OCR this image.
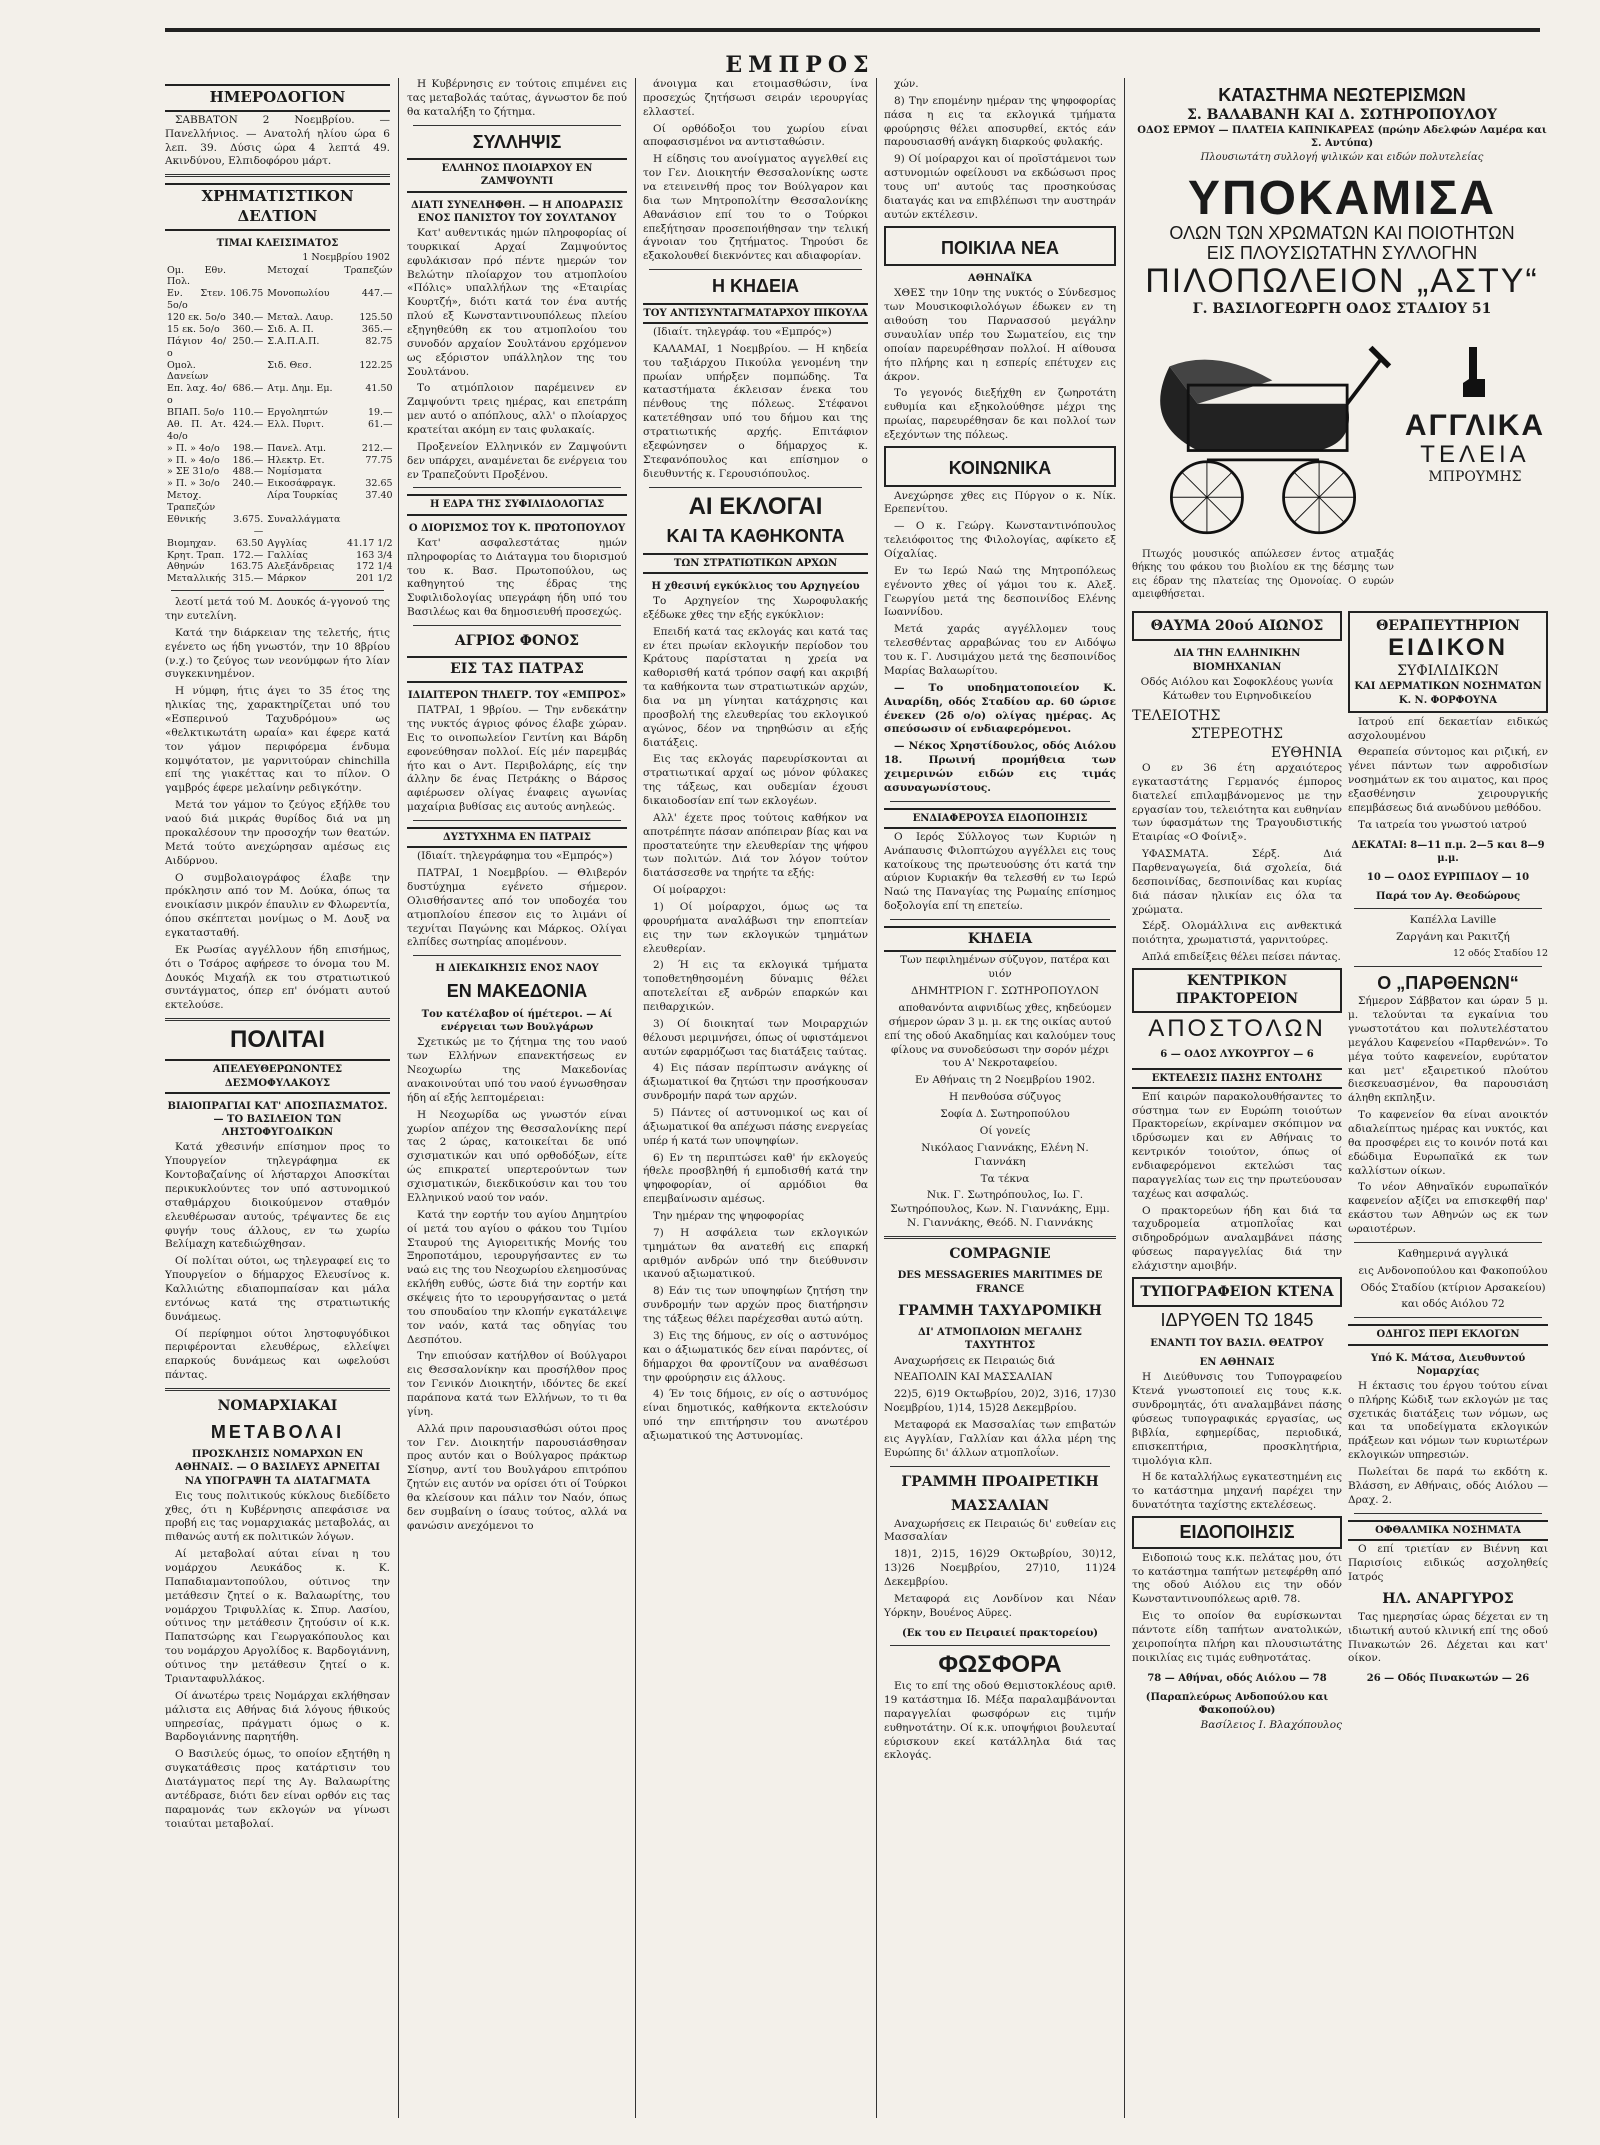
ΕΜΠΡΟΣ
ΗΜΕΡΟΔΟΓΙΟΝ

ΣΑΒΒΑΤΟΝ 2 Νοεμβρίου. — Πανελλήνιος. — Ανατολή ηλίου ώρα 6 λεπ. 39. Δύσις ώρα 4 λεπτά 49. Ακινδύνου, Ελπιδοφόρου μάρτ.

ΧΡΗΜΑΤΙΣΤΙΚΟΝ ΔΕΛΤΙΟΝ
ΤΙΜΑΙ ΚΛΕΙΣΙΜΑΤΟΣ
1 Νοεμβρίου 1902
Ομ. Εθν. Πολ.		Μετοχαί	Τραπεζών
Εν. Στεν. 5ο/ο	106.75	Μονοπωλίου	447.—
120 εκ. 5ο/ο	340.—	Μεταλ. Λαυρ.	125.50
15 εκ. 5ο/ο	360.—	Σιδ. Α. Π.	365.—
Πάγιον 4ο/ο	250.—	Σ.Α.Π.Α.Π.	82.75
Ομολ. Δανείων		Σιδ. Θεσ.	122.25
Επ. λαχ. 4ο/ο	686.—	Ατμ. Δημ. Εμ.	41.50
ΒΠΑΠ. 5ο/ο	110.—	Εργοληπτών	19.—
Αθ. Π. Ατ. 4ο/ο	424.—	Ελλ. Πυριτ.	61.—
» Π. » 4ο/ο	198.—	Πανελ. Ατμ.	212.—
» Π. » 4ο/ο	186.—	Ηλεκτρ. Ετ.	77.75
» ΣΕ 31ο/ο	488.—	Νομίσματα	
» Π. » 3ο/ο	240.—	Εικοσάφραγκ.	32.65
Μετοχ. Τραπεζών		Λίρα Τουρκίας	37.40
Εθνικής	3.675.—	Συναλλάγματα	
Βιομηχαν.	63.50	Αγγλίας	41.17 1/2
Κρητ. Τραπ.	172.—	Γαλλίας	163 3/4
Αθηνών	163.75	Αλεξάνδρειας	172 1/4
Μεταλλικής	315.—	Μάρκον	201 1/2

λεοτί μετά τού Μ. Δουκός ά-γγονού της την ευτελίνη.

Κατά την διάρκειαν της τελετής, ήτις εγένετο ως ήδη γνωστόν, την 10 8βρίου (ν.χ.) το ζεύγος των νεονύμφων ήτο λίαν συγκεκινημένον.

Η νύμφη, ήτις άγει το 35 έτος της ηλικίας της, χαρακτηρίζεται υπό του «Εσπερινού Ταχυδρόμου» ως «θελκτικωτάτη ωραία» και έφερε κατά τον γάμον περιφόρεμα ένδυμα κομψότατον, με γαρνιτούραν chinchilla επί της γιακέττας και το πίλον. Ο γαμβρός έφερε μελαίνην ρεδιγκότην.

Μετά τον γάμον το ζεύγος εξήλθε του ναού διά μικράς θυρίδος διά να μη προκαλέσουν την προσοχήν των θεατών. Μετά τούτο ανεχώρησαν αμέσως εις Αιδύρνου.

Ο συμβολαιογράφος έλαβε την πρόκλησιν από τον Μ. Δούκα, όπως τα ενοικίασιν μικρόν έπαυλιν εν Φλωρεντία, όπου σκέπτεται μονίμως ο Μ. Δουξ να εγκατασταθή.

Εκ Ρωσίας αγγέλλουν ήδη επισήμως, ότι ο Τσάρος αφήρεσε το όνομα του Μ. Δουκός Μιχαήλ εκ του στρατιωτικού συντάγματος, όπερ επ' όνόματι αυτού εκτελούσε.

ΠΟΛΙΤΑΙ
ΑΠΕΛΕΥΘΕΡΩΝΟΝΤΕΣ ΔΕΣΜΟΦΥΛΑΚΟΥΣ
ΒΙΑΙΟΠΡΑΓΙΑΙ ΚΑΤ' ΑΠΟΣΠΑΣΜΑΤΟΣ. — ΤΟ ΒΑΣΙΛΕΙΟΝ ΤΩΝ ΛΗΣΤΟΦΥΓΟΔΙΚΩΝ

Κατά χθεσινήν επίσημον προς το Υπουργείον τηλεγράφημα εκ Κοντοβαζαίνης οί λήσταρχοι Αποσκίται περικυκλούντες τον υπό αστυνομικού σταθμάρχου διοικούμενον σταθμόν ελευθέρωσαν αυτούς, τρέψαντες δε εις φυγήν τους άλλους, εν τω χωρίω Βελίμαχη κατεδιώχθησαν.

Οί πολίται ούτοι, ως τηλεγραφεί εις το Υπουργείον ο δήμαρχος Ελευσίνος κ. Καλλιώτης εδιαπομπαίσαν και μάλα εντόνως κατά της στρατιωτικής δυνάμεως.

Οί περίφημοι ούτοι ληστοφυγόδικοι περιφέρονται ελευθέρως, ελλείψει επαρκούς δυνάμεως και ωφελούσι πάντας.

ΝΟΜΑΡΧΙΑΚΑΙ
ΜΕΤΑΒΟΛΑΙ
ΠΡΟΣΚΛΗΣΙΣ ΝΟΜΑΡΧΩΝ ΕΝ ΑΘΗΝΑΙΣ. — Ο ΒΑΣΙΛΕΥΣ ΑΡΝΕΙΤΑΙ ΝΑ ΥΠΟΓΡΑΨΗ ΤΑ ΔΙΑΤΑΓΜΑΤΑ

Εις τους πολιτικούς κύκλους διεδίδετο χθες, ότι η Κυβέρνησις απεφάσισε να προβή εις τας νομαρχιακάς μεταβολάς, αι πιθανώς αυτή εκ πολιτικών λόγων.

Αί μεταβολαί αύται είναι η του νομάρχου Λευκάδος κ. Κ. Παπαδιαμαντοπούλου, ούτινος την μετάθεσιν ζητεί ο κ. Βαλαωρίτης, του νομάρχου Τριφυλλίας κ. Σπυρ. Λασίου, ούτινος την μετάθεσιν ζητούσιν οί κ.κ. Παπατσώρης και Γεωργακόπουλος και του νομάρχου Αργολίδος κ. Βαρδογιάννη, ούτινος την μετάθεσιν ζητεί ο κ. Τριανταφυλλάκος.

Οί άνωτέρω τρεις Νομάρχαι εκλήθησαν μάλιστα εις Αθήνας διά λόγους ήθικούς υπηρεσίας, πράγματι όμως ο κ. Βαρδογιάννης παρητήθη.

Ο Βασιλεύς όμως, το οποίον εξητήθη η συγκατάθεσις προς κατάρτισιν του Διατάγματος περί της Αγ. Βαλαωρίτης αντέδρασε, διότι δεν είναι ορθόν εις τας παραμονάς των εκλογών να γίνωσι τοιαύται μεταβολαί.

Η Κυβέρνησις εν τούτοις επιμένει εις τας μεταβολάς ταύτας, άγνωστον δε πού θα καταλήξη το ζήτημα.

ΣΥΛΛΗΨΙΣ
ΕΛΛΗΝΟΣ ΠΛΟΙΑΡΧΟΥ ΕΝ ΖΑΜΨΟΥΝΤΙ
ΔΙΑΤΙ ΣΥΝΕΛΗΦΘΗ. — Η ΑΠΟΔΡΑΣΙΣ ΕΝΟΣ ΠΑΝΙΣΤΟΥ ΤΟΥ ΣΟΥΛΤΑΝΟΥ

Κατ' αυθεντικάς ημών πληροφορίας οί τουρκικαί Αρχαί Ζαμψούντος εφυλάκισαν πρό πέντε ημερών τον Βελώτην πλοίαρχον του ατμοπλοίου «Πόλις» υπαλλήλων της «Εταιρίας Κουρτζή», διότι κατά τον ένα αυτής πλού εξ Κωνσταντινουπόλεως πλείου εξηγηθεύθη εκ του ατμοπλοίου του συνοδόν αρχαίον Σουλτάνου ερχόμενον ως εξόριστον υπάλληλον της του Σουλτάνου.

Το ατμόπλοιον παρέμεινεν εν Ζαμψούντι τρεις ημέρας, και επετράπη μεν αυτό ο απόπλους, αλλ' ο πλοίαρχος κρατείται ακόμη εν ταις φυλακαίς.

Προξενείον Ελληνικόν εν Ζαμψούντι δεν υπάρχει, αναμένεται δε ενέργεια του εν Τραπεζούντι Προξένου.

Η ΕΔΡΑ ΤΗΣ ΣΥΦΙΛΙΔΟΛΟΓΙΑΣ
Ο ΔΙΟΡΙΣΜΟΣ ΤΟΥ Κ. ΠΡΩΤΟΠΟΥΛΟΥ

Κατ' ασφαλεστάτας ημών πληροφορίας το Διάταγμα του διορισμού του κ. Βασ. Πρωτοπούλου, ως καθηγητού της έδρας της Συφιλιδολογίας υπεγράφη ήδη υπό του Βασιλέως και θα δημοσιευθή προσεχώς.

ΑΓΡΙΟΣ ΦΟΝΟΣ
ΕΙΣ ΤΑΣ ΠΑΤΡΑΣ
ΙΔΙΑΙΤΕΡΟΝ ΤΗΛΕΓΡ. ΤΟΥ «ΕΜΠΡΟΣ»

ΠΑΤΡΑΙ, 1 9βρίου. — Την ενδεκάτην της νυκτός άγριος φόνος έλαβε χώραν. Εις το οινοπωλείον Γεντίνη και Βάρδη εφονεύθησαν πολλοί. Είς μέν παρεμβάς ήτο και ο Αντ. Περιβολάρης, είς την άλλην δε ένας Πετράκης ο Βάρσος αφιέρωσεν ολίγας έναφεις αγωνίας μαχαίρια βυθίσας εις αυτούς ανηλεώς.

ΔΥΣΤΥΧΗΜΑ ΕΝ ΠΑΤΡΑΙΣ

(Ιδιαίτ. τηλεγράφημα του «Εμπρός»)

ΠΑΤΡΑΙ, 1 Νοεμβρίου. — Θλιβερόν δυστύχημα εγένετο σήμερον. Ολισθήσαντες από τον υποδοχέα του ατμοπλοίου έπεσον εις το λιμάνι οί τεχνίται Παγώνης και Μάρκος. Ολίγαι ελπίδες σωτηρίας απομένουν.

Η ΔΙΕΚΔΙΚΗΣΙΣ ΕΝΟΣ ΝΑΟΥ
ΕΝ ΜΑΚΕΔΟΝΙΑ
Τον κατέλαβον οί ήμέτεροι. — Αί ενέργειαι των Βουλγάρων

Σχετικώς με το ζήτημα της του ναού των Ελλήνων επανεκτήσεως εν Νεοχωρίω της Μακεδονίας ανακοινούται υπό του ναού έγνωσθησαν ήδη αί εξής λεπτομέρειαι:

Η Νεοχωρίδα ως γνωστόν είναι χωρίον απέχον της Θεσσαλονίκης περί τας 2 ώρας, κατοικείται δε υπό σχισματικών και υπό ορθοδόξων, είτε ώς επικρατεί υπερτερούντων των σχισματικών, διεκδικούσιν και του του Ελληνικού ναού τον ναόν.

Κατά την εορτήν του αγίου Δημητρίου οί μετά του αγίου ο φάκου του Τιμίου Σταυρού της Αγιορειτικής Μονής του Ξηροποτάμου, ιερουργήσαντες εν τω ναώ εις της του Νεοχωρίου ελεημοσύνας εκλήθη ευθύς, ώστε διά την εορτήν και σκέψεις ήτο το ιερουργήσαντας ο μετά του σπουδαίου την κλοπήν εγκατάλειψε τον ναόν, κατά τας οδηγίας του Δεσπότου.

Την επιούσαν κατήλθον οί Βούλγαροι εις Θεσσαλονίκην και προσήλθον προς τον Γενικόν Διοικητήν, ιδόντες δε εκεί παράπονα κατά των Ελλήνων, το τι θα γίνη.

Αλλά πριν παρουσιασθώσι ούτοι προς τον Γεν. Διοικητήν παρουσιάσθησαν προς αυτόν και ο Βούλγαρος πράκτωρ Σίσηυρ, αντί του Βουλγάρου επιτρόπου ζητών εις αυτόν να ορίσει ότι οί Τούρκοι θα κλείσουν και πάλιν τον Ναόν, όπως δεν συμβαίνη ο ίσαυς τούτος, αλλά να φανώσιν ανεχόμενοι το

άνοιγμα και ετοιμασθώσιν, ίνα προσεχώς ζητήσωσι σειράν ιερουργίας ελλαστεί.

Οί ορθόδοξοι του χωρίου είναι αποφασισμένοι να αντισταθώσιν.

Η είδησις του ανοίγματος αγγελθεί εις τον Γεν. Διοικητήν Θεσσαλονίκης ωστε να ετεινεινθή προς τον Βούλγαρον και δια των Μητροπολίτην Θεσσαλονίκης Αθανάσιον επί του το ο Τούρκοι επεξήτησαν προσεποιήθησαν την τελική άγνοιαν του ζητήματος. Τηρούσι δε εξακολουθεί διεκνόντες και αδιαφορίαν.

Η ΚΗΔΕΙΑ
ΤΟΥ ΑΝΤΙΣΥΝΤΑΓΜΑΤΑΡΧΟΥ ΠΙΚΟΥΛΑ

(Ιδιαίτ. τηλεγράφ. του «Εμπρός»)

ΚΑΛΑΜΑΙ, 1 Νοεμβρίου. — Η κηδεία του ταξιάρχου Πικούλα γενομένη την πρωίαν υπήρξεν πομπώδης. Τα καταστήματα έκλεισαν ένεκα του πένθους της πόλεως. Στέφανοι κατετέθησαν υπό του δήμου και της στρατιωτικής αρχής. Επιτάφιον εξεφώνησεν ο δήμαρχος κ. Στεφανόπουλος και επίσημον ο διευθυντής κ. Γερουσιόπουλος.

ΑΙ ΕΚΛΟΓΑΙ
ΚΑΙ ΤΑ ΚΑΘΗΚΟΝΤΑ
ΤΩΝ ΣΤΡΑΤΙΩΤΙΚΩΝ ΑΡΧΩΝ
Η χθεσινή εγκύκλιος του Αρχηγείου

Το Αρχηγείον της Χωροφυλακής εξέδωκε χθες την εξής εγκύκλιον:

Επειδή κατά τας εκλογάς και κατά τας εν έτει πρωίαν εκλογικήν περίοδον του Κράτους παρίσταται η χρεία να καθορισθή κατά τρόπον σαφή και ακριβή τα καθήκοντα των στρατιωτικών αρχών, δια να μη γίνηται κατάχρησις και προσβολή της ελευθερίας του εκλογικού αγώνος, δέον να τηρηθώσιν αι εξής διατάξεις.

Εις τας εκλογάς παρευρίσκονται αι στρατιωτικαί αρχαί ως μόνον φύλακες της τάξεως, και ουδεμίαν έχουσι δικαιοδοσίαν επί των εκλογέων.

Αλλ' έχετε προς τούτοις καθήκον να αποτρέπητε πάσαν απόπειραν βίας και να προστατεύητε την ελευθερίαν της ψήφου των πολιτών. Διά τον λόγον τούτον διατάσσεσθε να τηρήτε τα εξής:

Οί μοίραρχοι:

1) Οί μοίραρχοι, όμως ως τα φρουρήματα αναλάβωσι την εποπτείαν εις την των εκλογικών τμημάτων ελευθερίαν.

2) Ή εις τα εκλογικά τμήματα τοποθετηθησομένη δύναμις θέλει αποτελείται εξ ανδρών επαρκών και πειθαρχικών.

3) Οί διοικηταί των Μοιραρχιών θέλουσι μεριμνήσει, όπως οί υφιστάμενοι αυτών εφαρμόζωσι τας διατάξεις ταύτας.

4) Εις πάσαν περίπτωσιν ανάγκης οί άξιωματικοί θα ζητώσι την προσήκουσαν συνδρομήν παρά των αρχών.

5) Πάντες οί αστυνομικοί ως και οί άξιωματικοί θα απέχωσι πάσης ενεργείας υπέρ ή κατά των υποψηφίων.

6) Εν τη περιπτώσει καθ' ήν εκλογεύς ήθελε προσβληθή ή εμποδισθή κατά την ψηφοφορίαν, οί αρμόδιοι θα επεμβαίνωσιν αμέσως.

Την ημέραν της ψηφοφορίας

7) Η ασφάλεια των εκλογικών τμημάτων θα ανατεθή εις επαρκή αριθμόν ανδρών υπό την διεύθυνσιν ικανού αξιωματικού.

8) Εάν τις των υποψηφίων ζητήση την συνδρομήν των αρχών προς διατήρησιν της τάξεως θέλει παρέχεσθαι αυτώ αύτη.

3) Εις της δήμους, εν οίς ο αστυνόμος και ο άξιωματικός δεν είναι παρόντες, οί δήμαρχοι θα φροντίζουν να αναθέσωσι την φρούρησιν εις άλλους.

4) Έν τοις δήμοις, εν οίς ο αστυνόμος είναι δημοτικός, καθήκοντα εκτελούσιν υπό την επιτήρησιν του ανωτέρου αξιωματικού της Αστυνομίας.

χών.

8) Την επομένην ημέραν της ψηφοφορίας πάσα η εις τα εκλογικά τμήματα φρούρησις θέλει αποσυρθεί, εκτός εάν παρουσιασθή ανάγκη διαρκούς φυλακής.

9) Οί μοίραρχοι και οί προϊστάμενοι των αστυνομιών οφείλουσι να εκδώσωσι προς τους υπ' αυτούς τας προσηκούσας διαταγάς και να επιβλέπωσι την αυστηράν αυτών εκτέλεσιν.

ΠΟΙΚΙΛΑ ΝΕΑ
ΑΘΗΝΑΪΚΑ

ΧΘΕΣ την 10ην της νυκτός ο Σύνδεσμος των Μουσικοφιλολόγων έδωκεν εν τη αιθούση του Παρνασσού μεγάλην συναυλίαν υπέρ του Σωματείου, εις την οποίαν παρευρέθησαν πολλοί. Η αίθουσα ήτο πλήρης και η εσπερίς επέτυχεν εις άκρον.

Το γεγονός διεξήχθη εν ζωηροτάτη ευθυμία και εξηκολούθησε μέχρι της πρωίας, παρευρέθησαν δε και πολλοί των εξεχόντων της πόλεως.

ΚΟΙΝΩΝΙΚΑ

Ανεχώρησε χθες εις Πύργον ο κ. Νίκ. Ερεπενίτου.

— Ο κ. Γεώργ. Κωνσταντινόπουλος τελειόφοιτος της Φιλολογίας, αφίκετο εξ Οίχαλίας.

Εν τω Ιερώ Ναώ της Μητροπόλεως εγένοντο χθες οί γάμοι του κ. Αλεξ. Γεωργίου μετά της δεσποινίδος Ελένης Ιωαννίδου.

Μετά χαράς αγγέλλομεν τους τελεσθέντας αρραβώνας του εν Αιδόψω του κ. Γ. Λυσιμάχου μετά της δεσποινίδος Μαρίας Βαλαωρίτου.

— Το υποδηματοποιείον Κ. Αιναρίδη, οδός Σταδίου αρ. 60 ώρισε ένεκεν (2δ ο/ο) ολίγας ημέρας. Ας σπεύσωσιν οί ενδιαφερόμενοι.

— Νέκος Χρηστίδουλος, οδός Αιόλου 18. Πρωινή προμήθεια των χειμερινών ειδών εις τιμάς ασυναγωνίστους.

ΕΝΔΙΑΦΕΡΟΥΣΑ ΕΙΔΟΠΟΙΗΣΙΣ

Ο Ιερός Σύλλογος των Κυριών η Ανάπαυσις Φιλοπτώχου αγγέλλει εις τους κατοίκους της πρωτευούσης ότι κατά την αύριον Κυριακήν θα τελεσθή εν τω Ιερώ Ναώ της Παναγίας της Ρωμαίης επίσημος δοξολογία επί τη επετείω.

ΚΗΔΕΙΑ

Των πεφιλημένων σύζυγον, πατέρα και υιόν

ΔΗΜΗΤΡΙΟΝ Γ. ΣΩΤΗΡΟΠΟΥΛΟΝ

αποθανόντα αιφνιδίως χθες, κηδεύομεν σήμερον ώραν 3 μ. μ. εκ της οικίας αυτού επί της οδού Ακαδημίας και καλούμεν τους φίλους να συνοδεύσωσι την σορόν μέχρι του Α' Νεκροταφείου.

Εν Αθήναις τη 2 Νοεμβρίου 1902.

Η πενθούσα σύζυγος

Σοφία Δ. Σωτηροπούλου

Οί γονείς

Νικόλαος Γιαννάκης, Ελένη Ν. Γιαννάκη

Τα τέκνα

Νικ. Γ. Σωτηρόπουλος, Ιω. Γ. Σωτηρόπουλος, Κων. Ν. Γιαννάκης, Εμμ. Ν. Γιαννάκης, Θεόδ. Ν. Γιαννάκης

COMPAGNIE
DES MESSAGERIES MARITIMES DE FRANCE
ΓΡΑΜΜΗ ΤΑΧΥΔΡΟΜΙΚΗ
ΔΙ' ΑΤΜΟΠΛΟΙΩΝ ΜΕΓΑΛΗΣ ΤΑΧΥΤΗΤΟΣ

Αναχωρήσεις εκ Πειραιώς διά

ΝΕΑΠΟΛΙΝ ΚΑΙ ΜΑΣΣΑΛΙΑΝ

22)5, 6)19 Οκτωβρίου, 20)2, 3)16, 17)30 Νοεμβρίου, 1)14, 15)28 Δεκεμβρίου.

Μεταφορά εκ Μασσαλίας των επιβατών εις Αγγλίαν, Γαλλίαν και άλλα μέρη της Ευρώπης δι' άλλων ατμοπλοΐων.

ΓΡΑΜΜΗ ΠΡΟΑΙΡΕΤΙΚΗ
ΜΑΣΣΑΛΙΑΝ

Αναχωρήσεις εκ Πειραιώς δι' ευθείαν εις Μασσαλίαν

18)1, 2)15, 16)29 Οκτωβρίου, 30)12, 13)26 Νοεμβρίου, 27)10, 11)24 Δεκεμβρίου.

Μεταφορά εις Λονδίνον και Νέαν Υόρκην, Βουένος Αϋρες.

(Εκ του εν Πειραιεί πρακτορείου)
ΦΩΣΦΟΡΑ

Εις το επί της οδού Θεμιστοκλέους αριθ. 19 κατάστημα Ιδ. Μέξα παραλαμβάνονται παραγγελίαι φωσφόρων εις τιμήν ευθηνοτάτην. Οί κ.κ. υποψήφιοι βουλευταί εύρισκουν εκεί κατάλληλα διά τας εκλογάς.

ΚΑΤΑΣΤΗΜΑ ΝΕΩΤΕΡΙΣΜΩΝ
Σ. ΒΑΛΑΒΑΝΗ ΚΑΙ Δ. ΣΩΤΗΡΟΠΟΥΛΟΥ
ΟΔΟΣ ΕΡΜΟΥ — ΠΛΑΤΕΙΑ ΚΑΠΝΙΚΑΡΕΑΣ (πρώην Αδελφών Λαμέρα και Σ. Αντύπα)
Πλουσιωτάτη συλλογή ψιλικών και ειδών πολυτελείας
ΥΠΟΚΑΜΙΣΑ
ΟΛΩΝ ΤΩΝ ΧΡΩΜΑΤΩΝ ΚΑΙ ΠΟΙΟΤΗΤΩΝ
ΕΙΣ ΠΛΟΥΣΙΩΤΑΤΗΝ ΣΥΛΛΟΓΗΝ
ΠΙΛΟΠΩΛΕΙΟΝ „ΑΣΤΥ“
Γ. ΒΑΣΙΛΟΓΕΩΡΓΗ ΟΔΟΣ ΣΤΑΔΙΟΥ 51

Πτωχός μουσικός απώλεσεν έντος ατμαξάς θήκης του φάκου του βιολίου εκ της δέσμης των εις έδραν της πλατείας της Ομονοίας. Ο ευρών αμειφθήσεται.

ΑΓΓΛΙΚΑ
ΤΕΛΕΙΑ
ΜΠΡΟΥΜΗΣ
ΘΑΥΜΑ 20ού ΑΙΩΝΟΣ
ΔΙΑ ΤΗΝ ΕΛΛΗΝΙΚΗΝ ΒΙΟΜΗΧΑΝΙΑΝ

Οδός Αιόλου και Σοφοκλέους γωνία Κάτωθεν του Ειρηνοδικείου

ΤΕΛΕΙΟΤΗΣ
ΣΤΕΡΕΟΤΗΣ
ΕΥΘΗΝΙΑ

Ο εν 36 έτη αρχαιότερος εγκαταστάτης Γερμανός έμπορος διατελεί επιλαμβάνομενος με την εργασίαν του, τελειότητα και ευθηνίαν των ύφασμάτων της Τραγουδιστικής Εταιρίας «Ο Φοίνιξ».

ΥΦΑΣΜΑΤΑ. Σέρξ. Διά Παρθεναγωγεία, διά σχολεία, διά δεσποινίδας, δεσποινίδας και κυρίας διά πάσαν ηλικίαν εις όλα τα χρώματα.

Σέρξ. Ολομάλλινα εις ανθεκτικά ποιότητα, χρωματιστά, γαρνιτούρες.

Απλά επιδείξεις θέλει πείσει πάντας.

ΚΕΝΤΡΙΚΟΝ ΠΡΑΚΤΟΡΕΙΟΝ
ΑΠΟΣΤΟΛΩΝ
6 — ΟΔΟΣ ΛΥΚΟΥΡΓΟΥ — 6
ΕΚΤΕΛΕΣΙΣ ΠΑΣΗΣ ΕΝΤΟΛΗΣ

Επί καιρών παρακολουθήσαντες το σύστημα των εν Ευρώπη τοιούτων Πρακτορείων, εκρίναμεν σκόπιμον να ιδρύσωμεν και εν Αθήναις το κεντρικόν τοιούτον, όπως οί ενδιαφερόμενοι εκτελώσι τας παραγγελίας των εις την πρωτεύουσαν ταχέως και ασφαλώς.

Ο πρακτορεύων ήδη και διά τα ταχυδρομεία ατμοπλοΐας και σιδηροδρόμων αναλαμβάνει πάσης φύσεως παραγγελίας διά την ελάχιστην αμοιβήν.

ΤΥΠΟΓΡΑΦΕΙΟΝ ΚΤΕΝΑ
ΙΔΡΥΘΕΝ ΤΩ 1845
ΕΝΑΝΤΙ ΤΟΥ ΒΑΣΙΛ. ΘΕΑΤΡΟΥ
ΕΝ ΑΘΗΝΑΙΣ

Η Διεύθυνσις του Τυπογραφείου Κτενά γνωστοποιεί εις τους κ.κ. συνδρομητάς, ότι αναλαμβάνει πάσης φύσεως τυπογραφικάς εργασίας, ως βιβλία, εφημερίδας, περιοδικά, επισκεπτήρια, προσκλητήρια, τιμολόγια κλπ.

Η δε καταλλήλως εγκατεστημένη εις το κατάστημα μηχανή παρέχει την δυνατότητα ταχίστης εκτελέσεως.

ΕΙΔΟΠΟΙΗΣΙΣ

Ειδοποιώ τους κ.κ. πελάτας μου, ότι το κατάστημα ταπήτων μετεφέρθη από της οδού Αιόλου εις την οδόν Κωνσταντινουπόλεως αριθ. 78.

Εις το οποίον θα ευρίσκωνται πάντοτε είδη ταπήτων ανατολικών, χειροποίητα πλήρη και πλουσιωτάτης ποικιλίας εις τιμάς ευθηνοτάτας.

78 — Αθήναι, οδός Αιόλου — 78
(Παραπλεύρως Ανδοπούλου και Φακοπούλου)
Βασίλειος Ι. Βλαχόπουλος
ΘΕΡΑΠΕΥΤΗΡΙΟΝ
ΕΙΔΙΚΟΝ
ΣΥΦΙΛΙΔΙΚΩΝ
ΚΑΙ ΔΕΡΜΑΤΙΚΩΝ ΝΟΣΗΜΑΤΩΝ
Κ. Ν. ΦΟΡΦΟΥΝΑ

Ιατρού επί δεκαετίαν ειδικώς ασχολουμένου

Θεραπεία σύντομος και ριζική, εν γένει πάντων των αφροδισίων νοσημάτων εκ του αιματος, και προς εξασθένησιν χειρουργικής επεμβάσεως διά ανωδύνου μεθόδου.

Τα ιατρεία του γνωστού ιατρού

ΔΕΚΑΤΑΙ: 8—11 π.μ. 2—5 και 8—9 μ.μ.
10 — ΟΔΟΣ ΕΥΡΙΠΙΔΟΥ — 10
Παρά τον Αγ. Θεοδώρους

Καπέλλα Laville

Ζαργάνη και Ρακιτζή

12 οδός Σταδίου 12
Ο „ΠΑΡΘΕΝΩΝ“

Σήμερον Σάββατον και ώραν 5 μ. μ. τελούνται τα εγκαίνια του γνωστοτάτου και πολυτελέστατου μεγάλου Καφενείου «Παρθενών». Το μέγα τούτο καφενείον, ευρύτατον και μετ' εξαιρετικού πλούτου διεσκευασμένον, θα παρουσιάση άληθη εκπληξιν.

Το καφενείον θα είναι ανοικτόν αδιαλείπτως ημέρας και νυκτός, και θα προσφέρει εις το κοινόν ποτά και εδώδιμα Ευρωπαϊκά εκ των καλλίστων οίκων.

Το νέον Αθηναϊκόν ευρωπαϊκόν καφενείον αξίζει να επισκεφθή παρ' εκάστου των Αθηνών ως εκ των ωραιοτέρων.

Καθημερινά αγγλικά

εις Ανδονοπούλου και Φακοπούλου

Οδός Σταδίου (κτίριον Αρσακείου)

και οδός Αιόλου 72

ΟΔΗΓΟΣ ΠΕΡΙ ΕΚΛΟΓΩΝ
Υπό Κ. Μάτσα, Διευθυντού Νομαρχίας

Η έκτασις του έργου τούτου είναι ο πλήρης Κώδιξ των εκλογών με τας σχετικάς διατάξεις των νόμων, ως και τα υποδείγματα εκλογικών πράξεων και νόμων των κυριωτέρων εκλογικών υπηρεσιών.

Πωλείται δε παρά τω εκδότη κ. Βλάσση, εν Αθήναις, οδός Αιόλου — Δραχ. 2.

ΟΦΘΑΛΜΙΚΑ ΝΟΣΗΜΑΤΑ

Ο επί τριετίαν εν Βιέννη και Παρισίοις ειδικώς ασχοληθείς Ιατρός

ΗΛ. ΑΝΑΡΓΥΡΟΣ

Τας ημερησίας ώρας δέχεται εν τη ιδιωτική αυτού κλινική επί της οδού Πινακωτών 26. Δέχεται και κατ' οίκον.

26 — Οδός Πινακωτών — 26
